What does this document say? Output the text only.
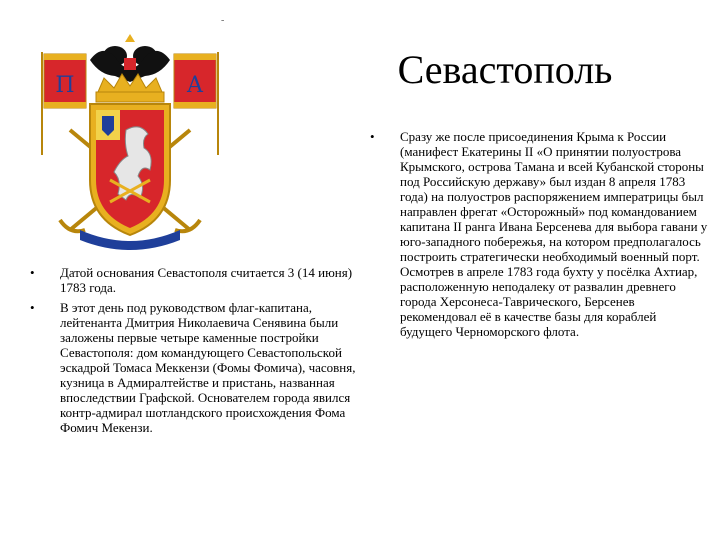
-
П	А	Севастополь
• Датой основания Севастополя считается 3 (14 июня) 1783 года.
• В этот день под руководством флаг-капитана, лейтенанта Дмитрия Николаевича Сенявина были заложены первые четыре каменные постройки Севастополя: дом командующего Севастопольской эскадрой Томаса Меккензи (Фомы Фомича), часовня, кузница в Адмиралтействе и пристань, названная впоследствии Графской. Основателем города явился контр-адмирал шотландского происхождения Фома Фомич Мекензи.
• Сразу же после присоединения Крыма к России (манифест Екатерины II «О принятии полуострова Крымского, острова Тамана и всей Кубанской стороны под Российскую державу» был издан 8 апреля 1783 года) на полуостров распоряжением императрицы был направлен фрегат «Осторожный» под командованием капитана II ранга Ивана Берсенева для выбора гавани у юго-западного побережья, на котором предполагалось построить стратегически необходимый военный порт. Осмотрев в апреле 1783 года бухту у посёлка Ахтиар, расположенную неподалеку от развалин древнего города Херсонеса-Таврического, Берсенев рекомендовал её в качестве базы для кораблей будущего Черноморского флота.
